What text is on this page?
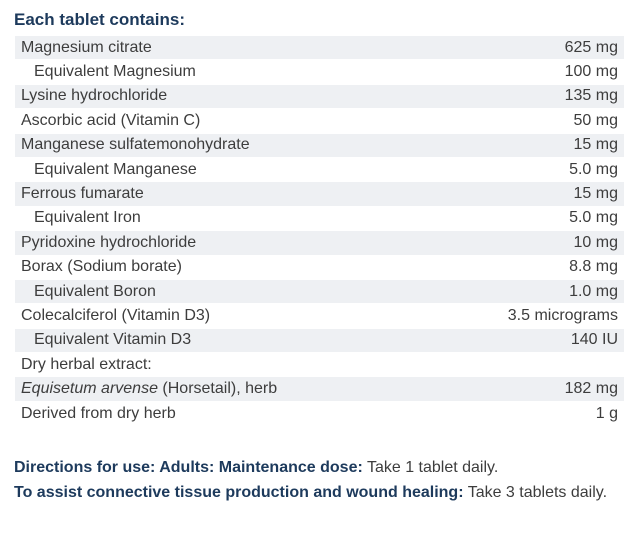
Each tablet contains:
Magnesium citrate	625 mg
Equivalent Magnesium	100 mg
Lysine hydrochloride	135 mg
Ascorbic acid (Vitamin C)	50 mg
Manganese sulfatemonohydrate	15 mg
Equivalent Manganese	5.0 mg
Ferrous fumarate	15 mg
Equivalent Iron	5.0 mg
Pyridoxine hydrochloride	10 mg
Borax (Sodium borate)	8.8 mg
Equivalent Boron	1.0 mg
Colecalciferol (Vitamin D3)	3.5 micrograms
Equivalent Vitamin D3	140 IU
Dry herbal extract:
Equisetum arvense (Horsetail), herb	182 mg
Derived from dry herb	1 g
Directions for use: Adults: Maintenance dose: Take 1 tablet daily.
To assist connective tissue production and wound healing: Take 3 tablets daily.
